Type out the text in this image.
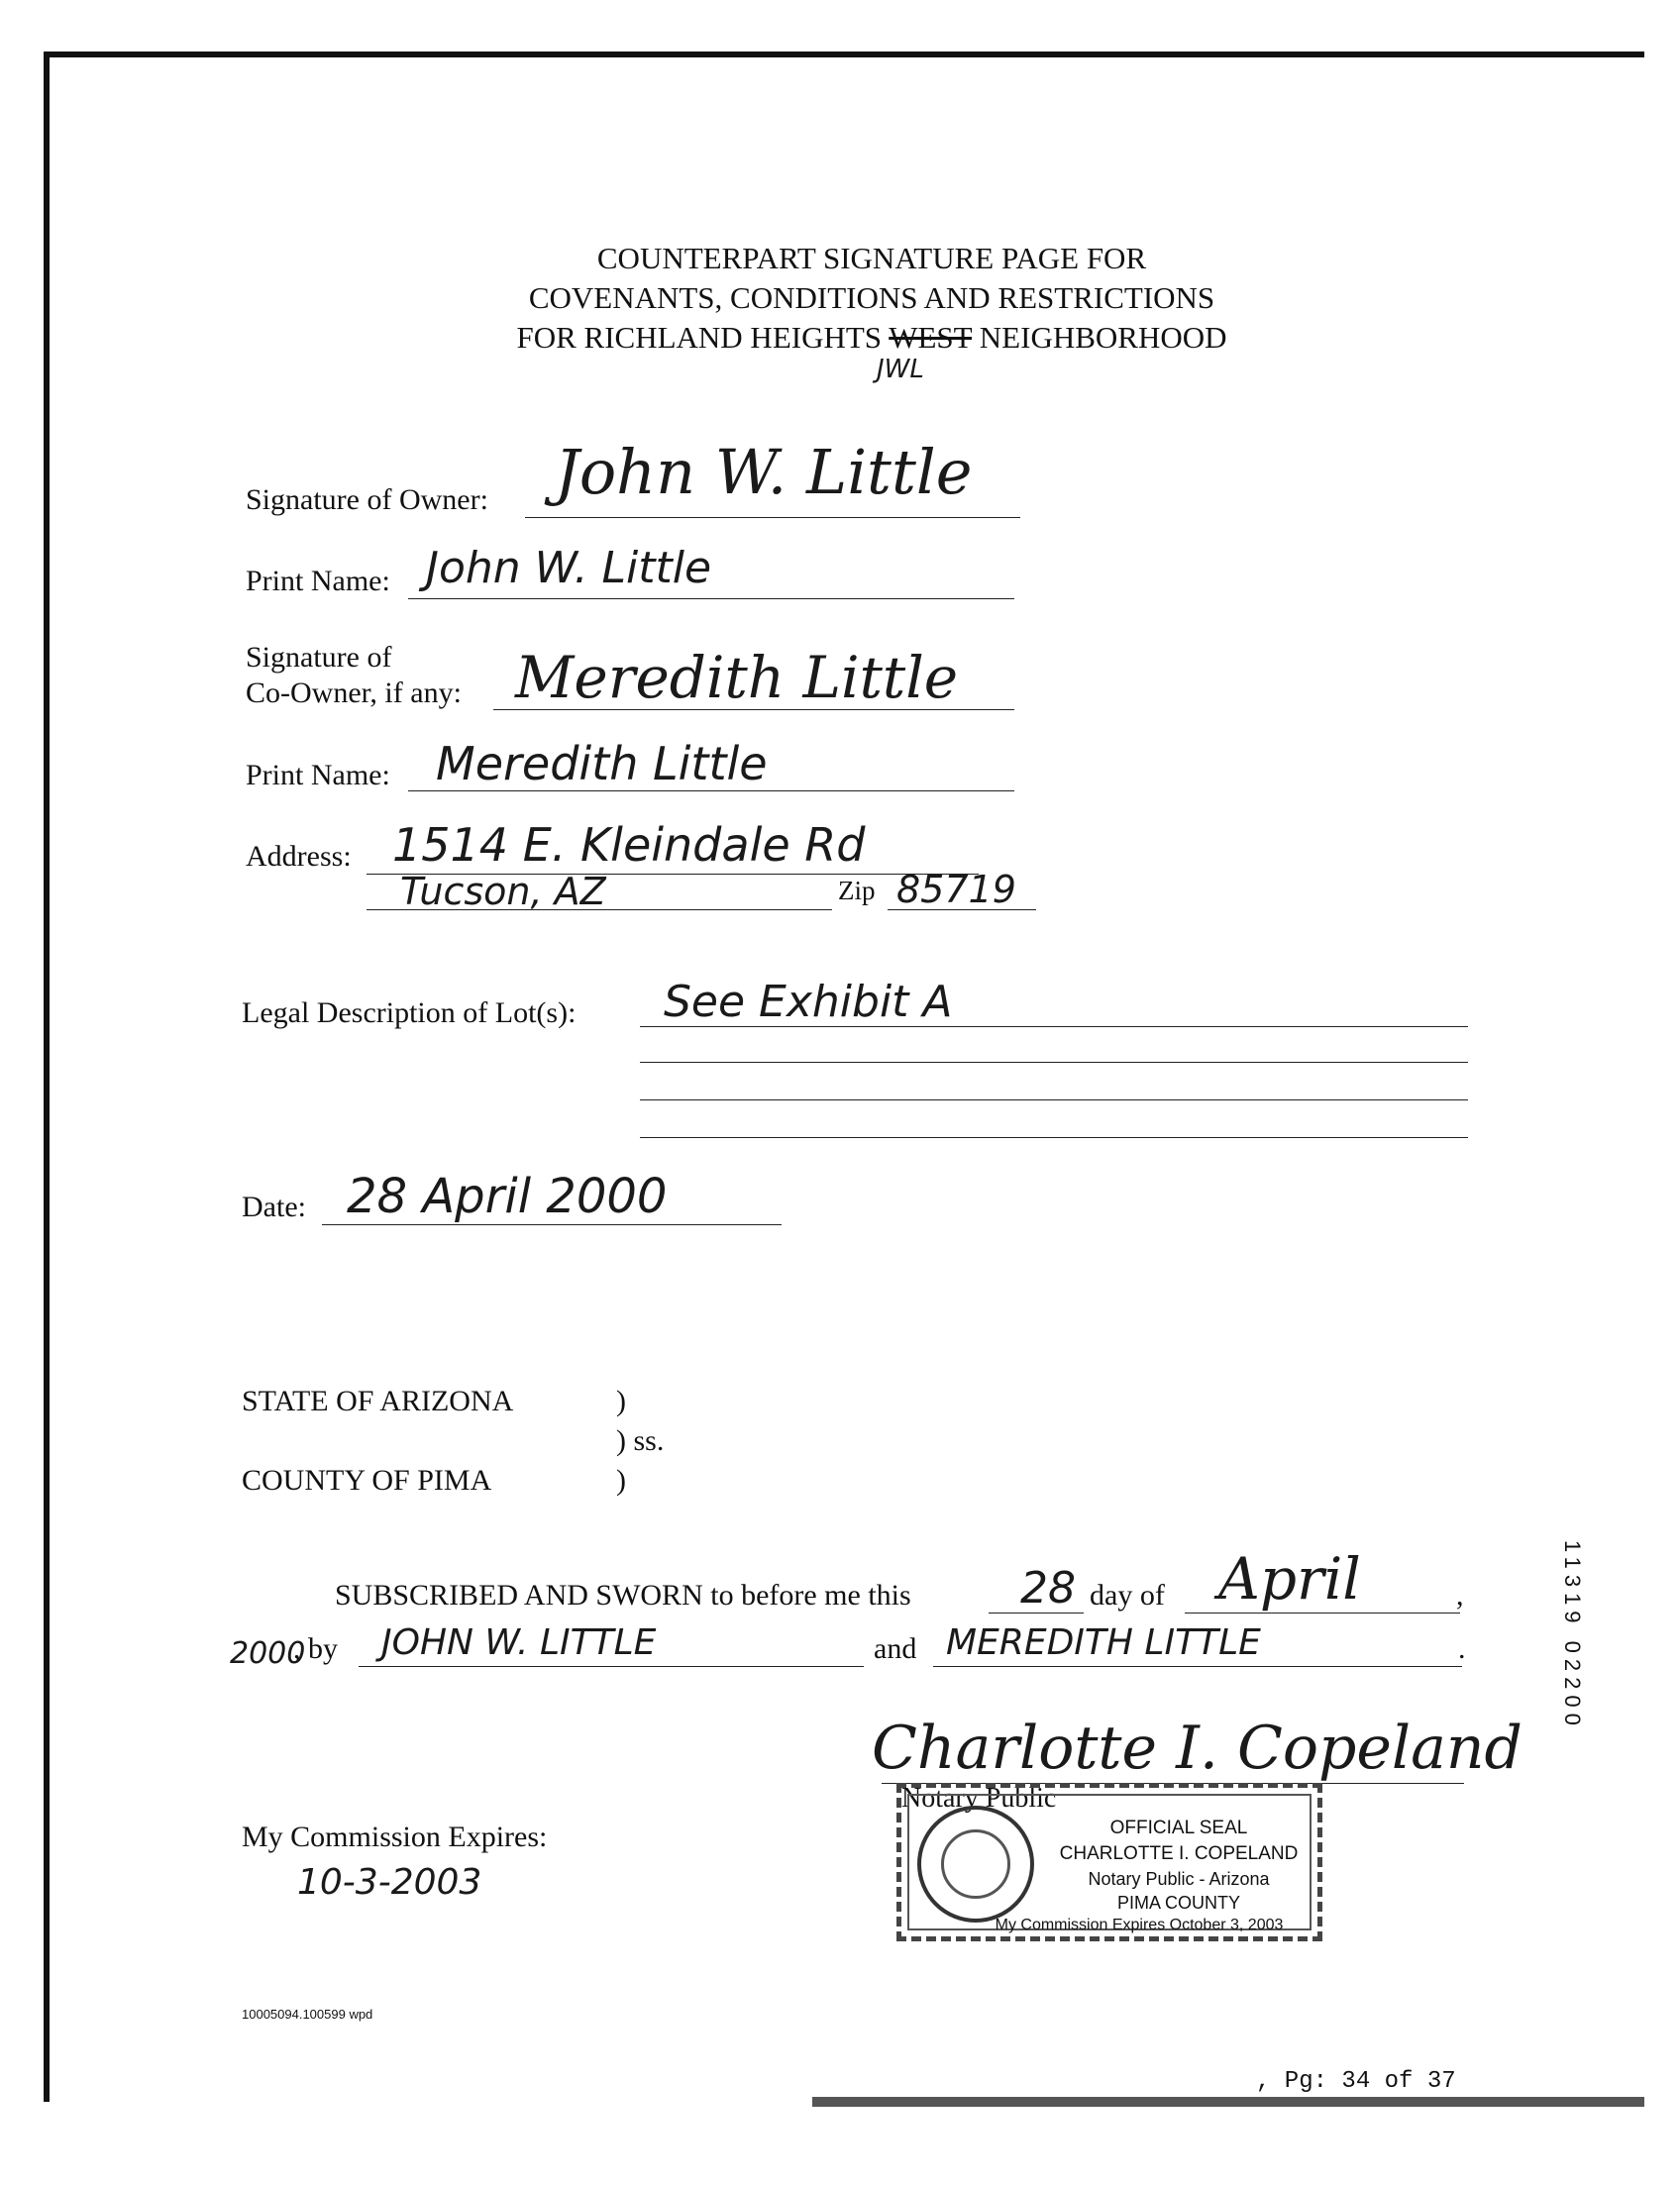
COUNTERPART SIGNATURE PAGE FOR
COVENANTS, CONDITIONS AND RESTRICTIONS
FOR RICHLAND HEIGHTS WEST NEIGHBORHOOD
JWL
Signature of Owner: John W. Little
Print Name: John W. Little
Signature of
Co-Owner, if any: Meredith Little
Print Name: Meredith Little
Address: 1514 E. Kleindale Rd
Tucson, AZ	Zip 85719
Legal Description of Lot(s): See Exhibit A
Date: 28 April 2000
STATE OF ARIZONA	)
) ss.
COUNTY OF PIMA	)
SUBSCRIBED AND SWORN to before me this	28 day of April	,
2000
, by JOHN W. LITTLE	and MEREDITH LITTLE	.
Charlotte I. Copeland
Notary Public
OFFICIAL SEAL
CHARLOTTE I. COPELAND
Notary Public - Arizona
PIMA COUNTY
My Commission Expires October 3, 2003
My Commission Expires:
10-3-2003
10005094.100599 wpd
, Pg: 34 of 37
11319 02200
